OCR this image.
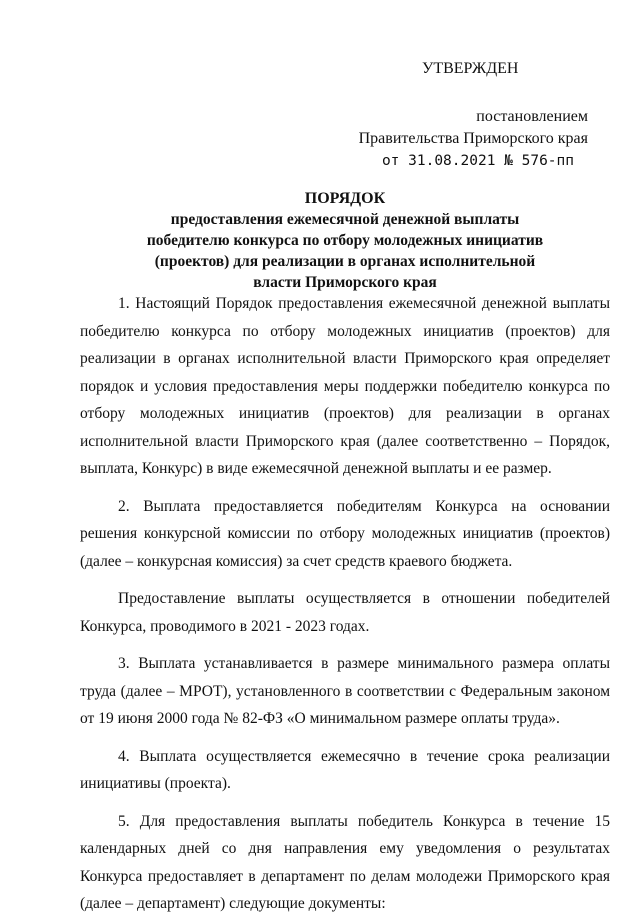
УТВЕРЖДЕН
постановлением
Правительства Приморского края
от 31.08.2021 № 576-пп
ПОРЯДОК
предоставления ежемесячной денежной выплаты
победителю конкурса по отбору молодежных инициатив
(проектов) для реализации в органах исполнительной
власти Приморского края

1. Настоящий Порядок предоставления ежемесячной денежной выплаты победителю конкурса по отбору молодежных инициатив (проектов) для реализации в органах исполнительной власти Приморского края определяет порядок и условия предоставления меры поддержки победителю конкурса по отбору молодежных инициатив (проектов) для реализации в органах исполнительной власти Приморского края (далее соответственно – Порядок, выплата, Конкурс) в виде ежемесячной денежной выплаты и ее размер.

2. Выплата предоставляется победителям Конкурса на основании решения конкурсной комиссии по отбору молодежных инициатив (проектов) (далее – конкурсная комиссия) за счет средств краевого бюджета.

Предоставление выплаты осуществляется в отношении победителей Конкурса, проводимого в 2021 - 2023 годах.

3. Выплата устанавливается в размере минимального размера оплаты труда (далее – МРОТ), установленного в соответствии с Федеральным законом от 19 июня 2000 года № 82-ФЗ «О минимальном размере оплаты труда».

4. Выплата осуществляется ежемесячно в течение срока реализации инициативы (проекта).

5. Для предоставления выплаты победитель Конкурса в течение 15 календарных дней со дня направления ему уведомления о результатах Конкурса предоставляет в департамент по делам молодежи Приморского края (далее – департамент) следующие документы:
